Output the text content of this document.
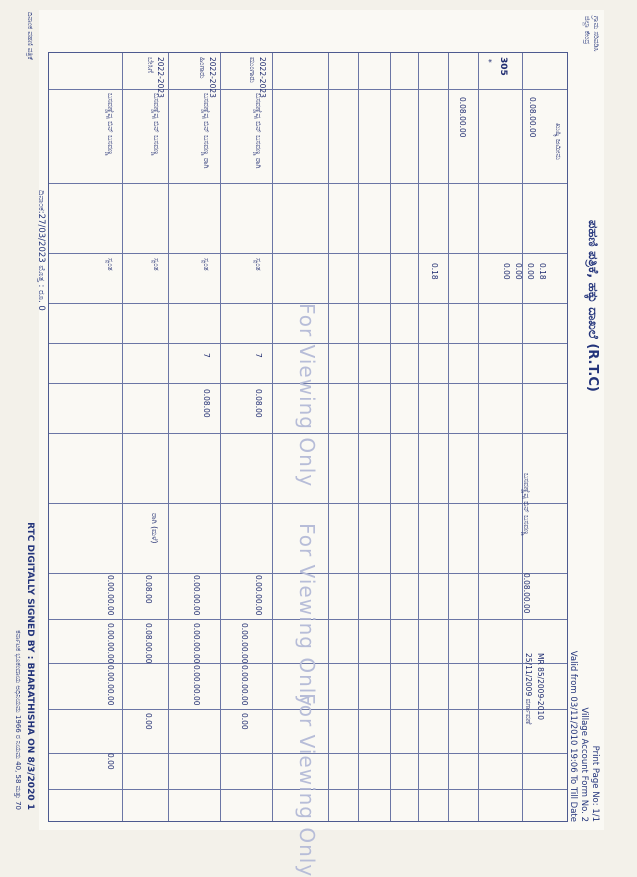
ಪಹಣಿ ಪತ್ರಿಕೆ, ಹಕ್ಕು ದಾಖಲೆ (R.T.C)
Print Page No: 1/1
Village Account Form No. 2
Valid from 03/11/2010 19:06 To Till Date
ಗ್ರಾಮ ಸರಿಪಡಿಸಿ
ಜಿಲ್ಲಾ ಕೇಂದ್ರ
305
*
ಖುಷ್ಕಿ ಜಮೀನು
0.08.00.00
0.08.00.00
0.18
0.00
0.00
0.00
0.18
ಬಸವಣ್ಣೆಪ್ಪ ಬಿನ್ ಬಸವಣ್ಣ
0.08.00.00
MR 85/2009-2010
25/11/2009 ವರ್ಗಾವಣೆ
2022-2023
ಮುಂಗಾರು
ಬಸವಣ್ಣೆಪ್ಪ ಬಿನ್ ಬಸವಣ್ಣ ರಾಗಿ
ಸ್ವಂತ
7
0.08.00
0.00.00.00
0.00.00.00
0.00.00.00
0.00
2022-2023
ಹಿಂಗಾರು
ಬಸವಣ್ಣೆಪ್ಪ ಬಿನ್ ಬಸವಣ್ಣ ರಾಗಿ
ಸ್ವಂತ
7
0.08.00
0.00.00.00
0.00.00.00
0.00.00.00
2022-2023
ಬೇಸಿಗೆ
ಬಸವಣ್ಣೆಪ್ಪ ಬಿನ್ ಬಸವಣ್ಣ
ಸ್ವಂತ
0.08.00
0.08.00.00
0.00
ಬಸವಣ್ಣೆಪ್ಪ ಬಿನ್ ಬಸವಣ್ಣ
ಸ್ವಂತ
0.00.00.00
0.00.00.00
0.00.00.00
0.00
ರಾಗಿ (ಮಳೆ)
For Viewing Only
For Viewing Only
For Viewing Only
ದಿನಾಂಕ:27/03/2023 ಮೊತ್ತ : ರೂ. 0
RTC DIGITALLY SIGNED BY : BHARATHISHA ON 8/3/2020 1
ಕರ್ನಾಟಕ ಭೂಕಂದಾಯ ಅಧಿನಿಯಮ 1966 ರ ನಿಯಮ 40, 58 ಮತ್ತು 70
ದಿನಾಂಕ ಪಹಣಿ ಪತ್ರಿಕೆ
